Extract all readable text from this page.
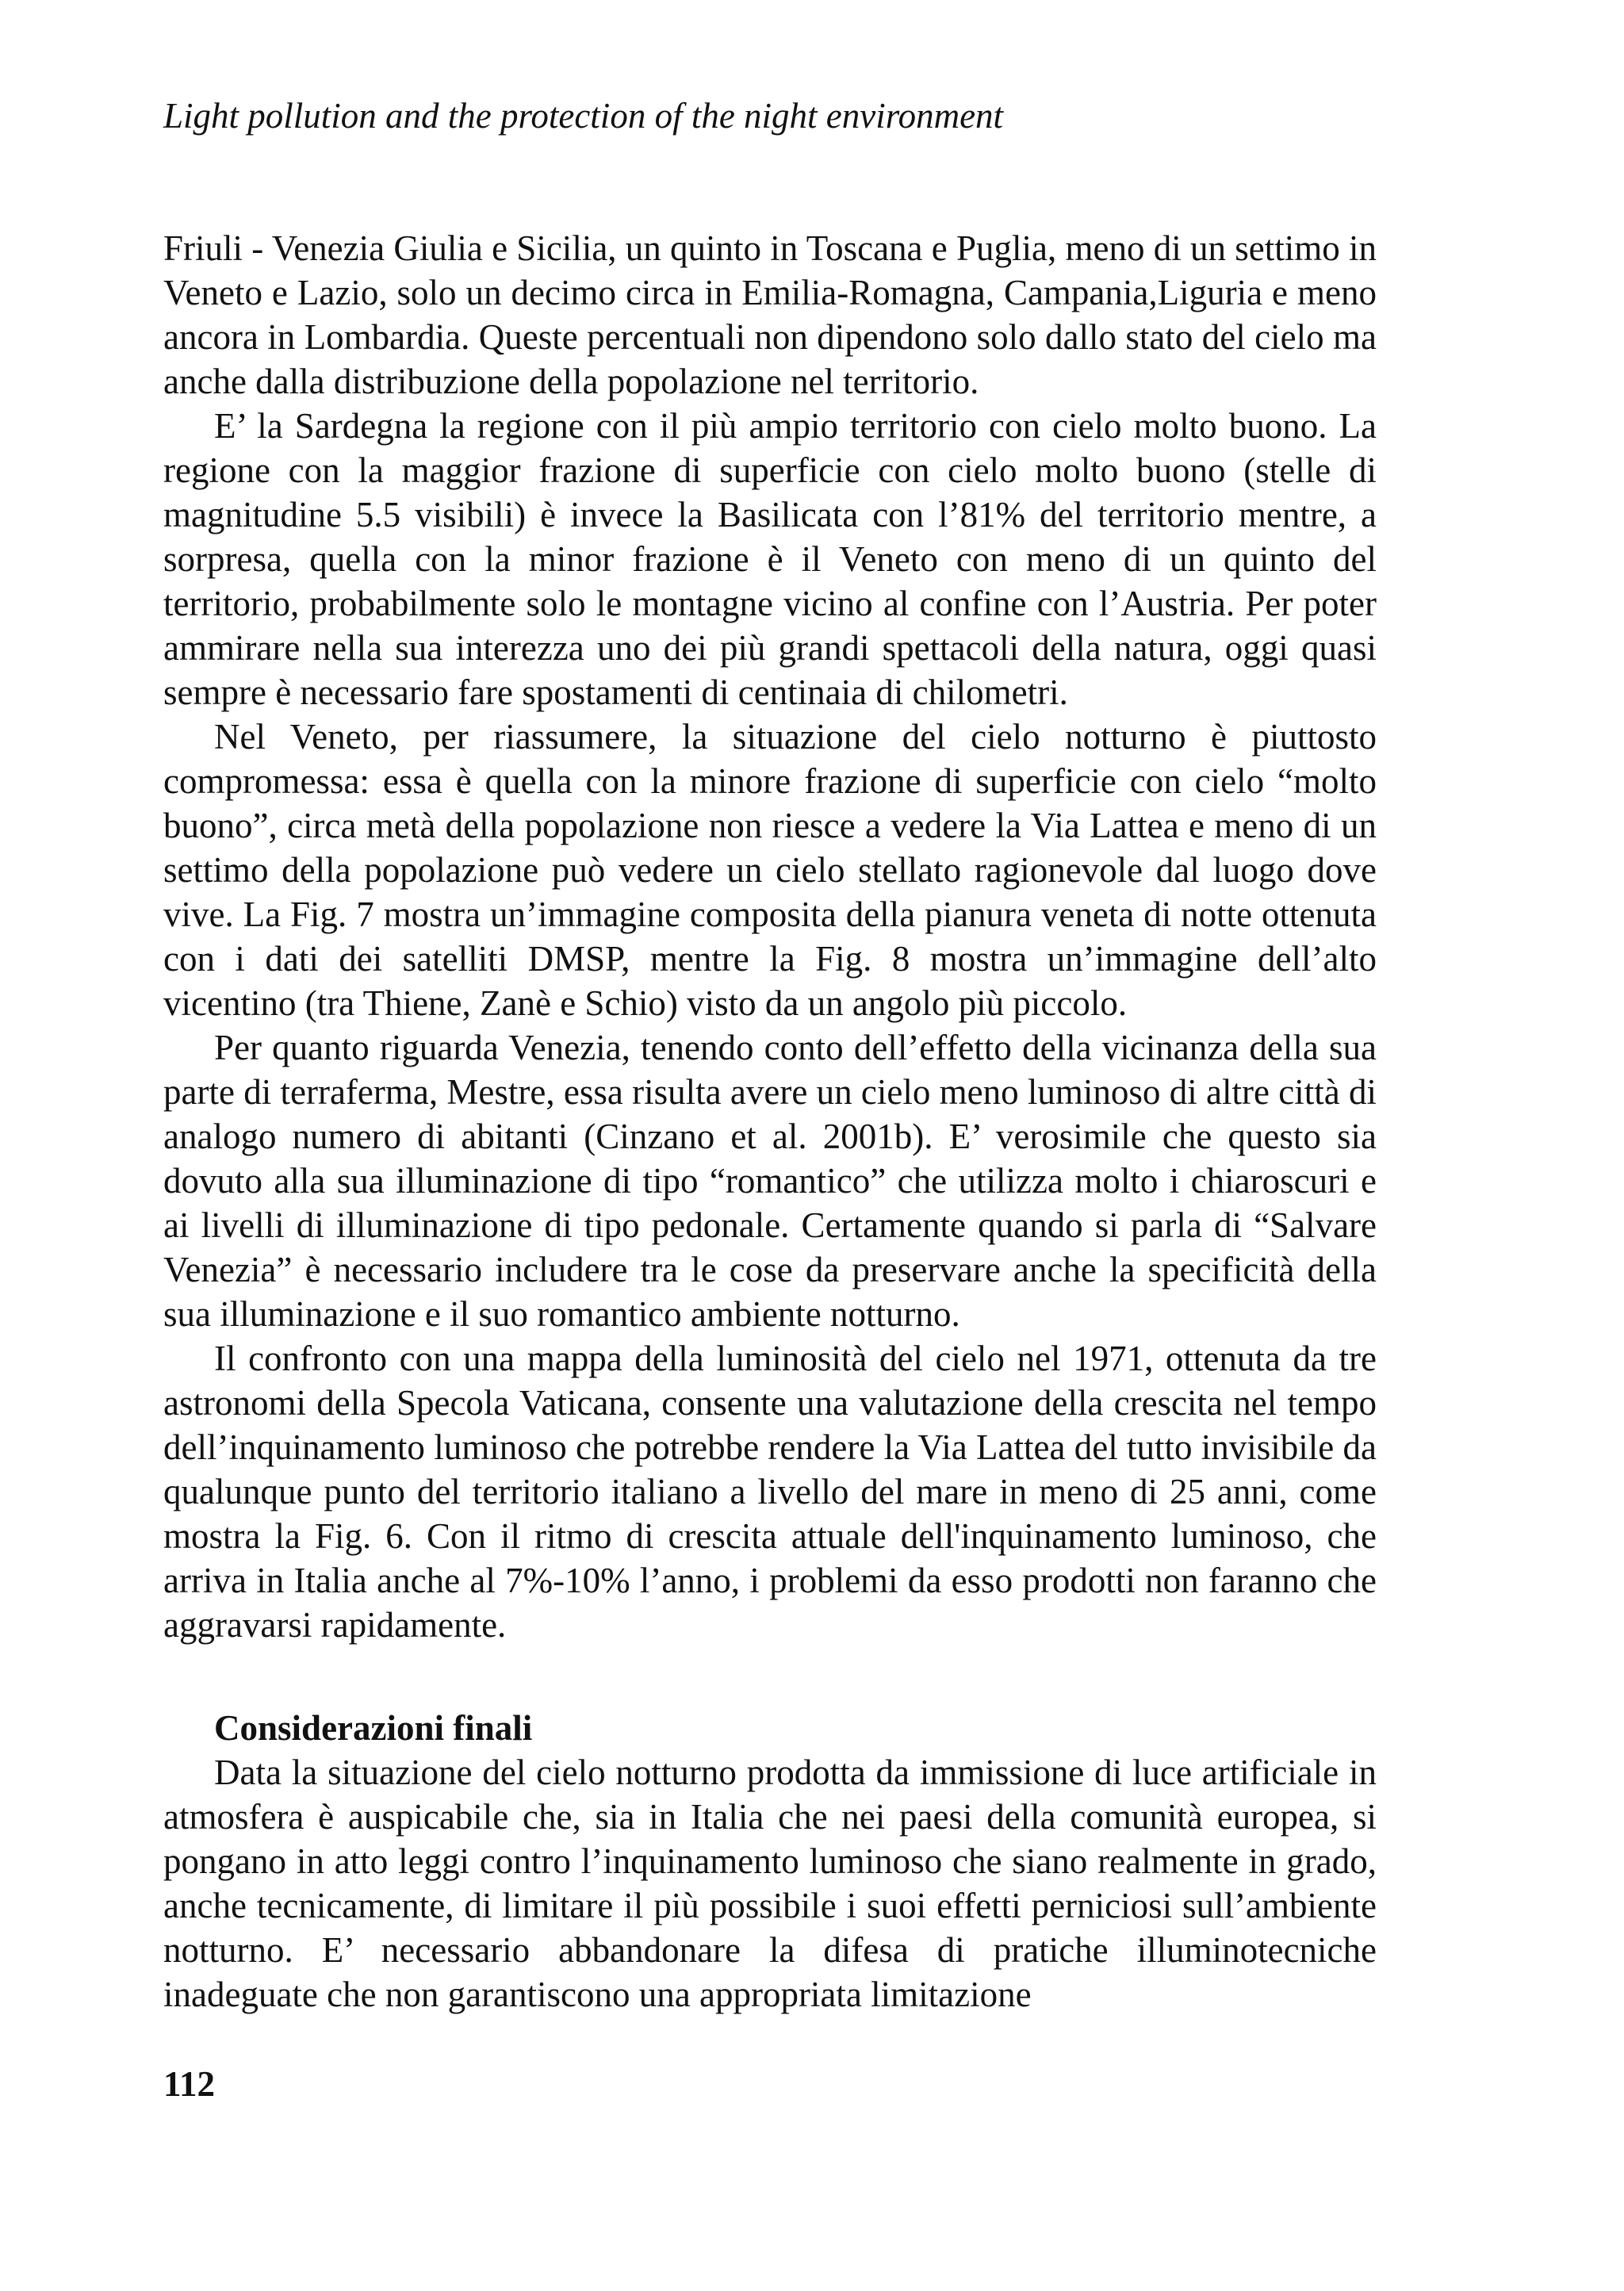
Light pollution and the protection of the night environment

Friuli - Venezia Giulia e Sicilia, un quinto in Toscana e Puglia, meno di un settimo in Veneto e Lazio, solo un decimo circa in Emilia-Romagna, Campania,Liguria e meno ancora in Lombardia. Queste percentuali non dipendono solo dallo stato del cielo ma anche dalla distribuzione della popolazione nel territorio.

E’ la Sardegna la regione con il più ampio territorio con cielo molto buono. La regione con la maggior frazione di superficie con cielo molto buono (stelle di magnitudine 5.5 visibili) è invece la Basilicata con l’81% del territorio mentre, a sorpresa, quella con la minor frazione è il Veneto con meno di un quinto del territorio, probabilmente solo le montagne vicino al confine con l’Austria. Per poter ammirare nella sua interezza uno dei più grandi spettacoli della natura, oggi quasi sempre è necessario fare spostamenti di centinaia di chilometri.

Nel Veneto, per riassumere, la situazione del cielo notturno è piuttosto compromessa: essa è quella con la minore frazione di superficie con cielo “molto buono”, circa metà della popolazione non riesce a vedere la Via Lattea e meno di un settimo della popolazione può vedere un cielo stellato ragionevole dal luogo dove vive. La Fig. 7 mostra un’immagine composita della pianura veneta di notte ottenuta con i dati dei satelliti DMSP, mentre la Fig. 8 mostra un’immagine dell’alto vicentino (tra Thiene, Zanè e Schio) visto da un angolo più piccolo.

Per quanto riguarda Venezia, tenendo conto dell’effetto della vicinanza della sua parte di terraferma, Mestre, essa risulta avere un cielo meno luminoso di altre città di analogo numero di abitanti (Cinzano et al. 2001b). E’ verosimile che questo sia dovuto alla sua illuminazione di tipo “romantico” che utilizza molto i chiaroscuri e ai livelli di illuminazione di tipo pedonale. Certamente quando si parla di “Salvare Venezia” è necessario includere tra le cose da preservare anche la specificità della sua illuminazione e il suo romantico ambiente notturno.

Il confronto con una mappa della luminosità del cielo nel 1971, ottenuta da tre astronomi della Specola Vaticana, consente una valutazione della crescita nel tempo dell’inquinamento luminoso che potrebbe rendere la Via Lattea del tutto invisibile da qualunque punto del territorio italiano a livello del mare in meno di 25 anni, come mostra la Fig. 6. Con il ritmo di crescita attuale dell'inquinamento luminoso, che arriva in Italia anche al 7%-10% l’anno, i problemi da esso prodotti non faranno che aggravarsi rapidamente.

Considerazioni finali

Data la situazione del cielo notturno prodotta da immissione di luce artificiale in atmosfera è auspicabile che, sia in Italia che nei paesi della comunità europea, si pongano in atto leggi contro l’inquinamento luminoso che siano realmente in grado, anche tecnicamente, di limitare il più possibile i suoi effetti perniciosi sull’ambiente notturno. E’ necessario abbandonare la difesa di pratiche illuminotecniche inadeguate che non garantiscono una appropriata limitazione

112
